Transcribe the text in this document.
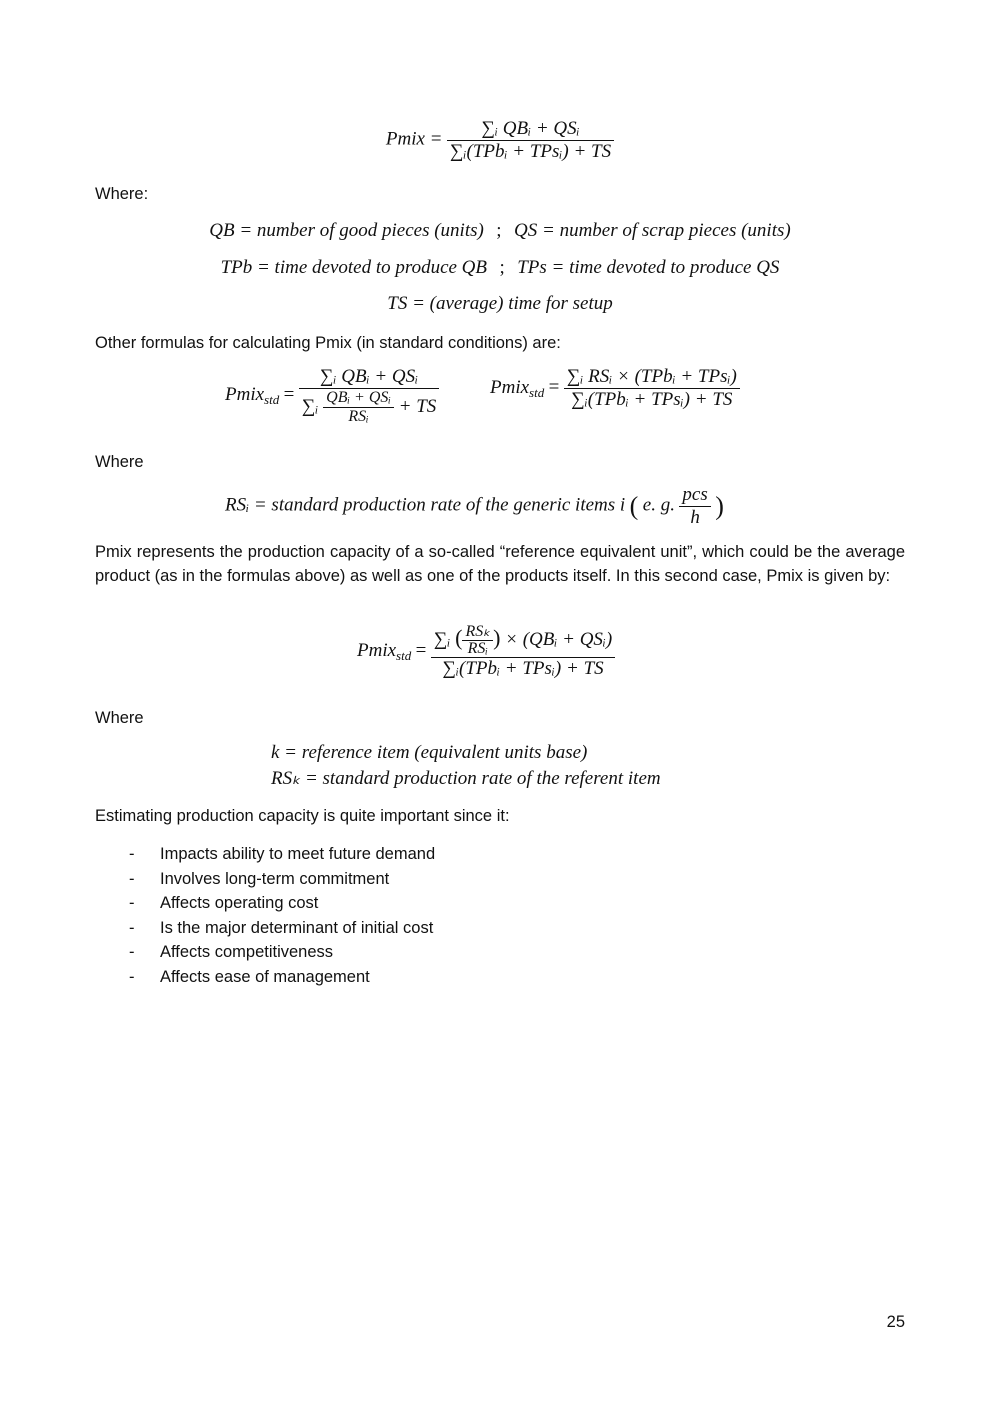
Pmix = $\frac{\text{∑ᵢ QBᵢ + QSᵢ}}{\text{∑ᵢ(TPbᵢ + TPsᵢ) + TS}}$
Where:
QB = number of good pieces (units) ; QS = number of scrap pieces (units)
TPb = time devoted to produce QB ; TPs = time devoted to produce QS
TS = (average) time for setup
Other formulas for calculating Pmix (in standard conditions) are:
Pmix$_{std}$ = $\frac{\text{∑ᵢ QBᵢ + QSᵢ}}{\sum ᵢ \frac{\text{QBᵢ + QSᵢ}}{\text{RSᵢ}} + TS}$	Pmix$_{std}$ = $\frac{\text{∑ᵢ RSᵢ × (TPbᵢ + TPsᵢ)}}{\text{∑ᵢ(TPbᵢ + TPsᵢ) + TS}}$
Where
RSᵢ = standard production rate of the generic items i ( e. g. $\frac{\text{pcs}}{h}$ )
Pmix represents the production capacity of a so-called “reference equivalent unit”, which could be the average product (as in the formulas above) as well as one of the products itself. In this second case, Pmix is given by:
Pmix$_{std}$ = $\frac{\sum ᵢ ( \frac{\text{RSₖ}}{\text{RSᵢ}} ) \times (QBᵢ + QSᵢ)}{\text{∑ᵢ(TPbᵢ + TPsᵢ) + TS}}$
Where
k = reference item (equivalent units base)
RSₖ = standard production rate of the referent item
Estimating production capacity is quite important since it:
- Impacts ability to meet future demand
- Involves long-term commitment
- Affects operating cost
- Is the major determinant of initial cost
- Affects competitiveness
- Affects ease of management
25
